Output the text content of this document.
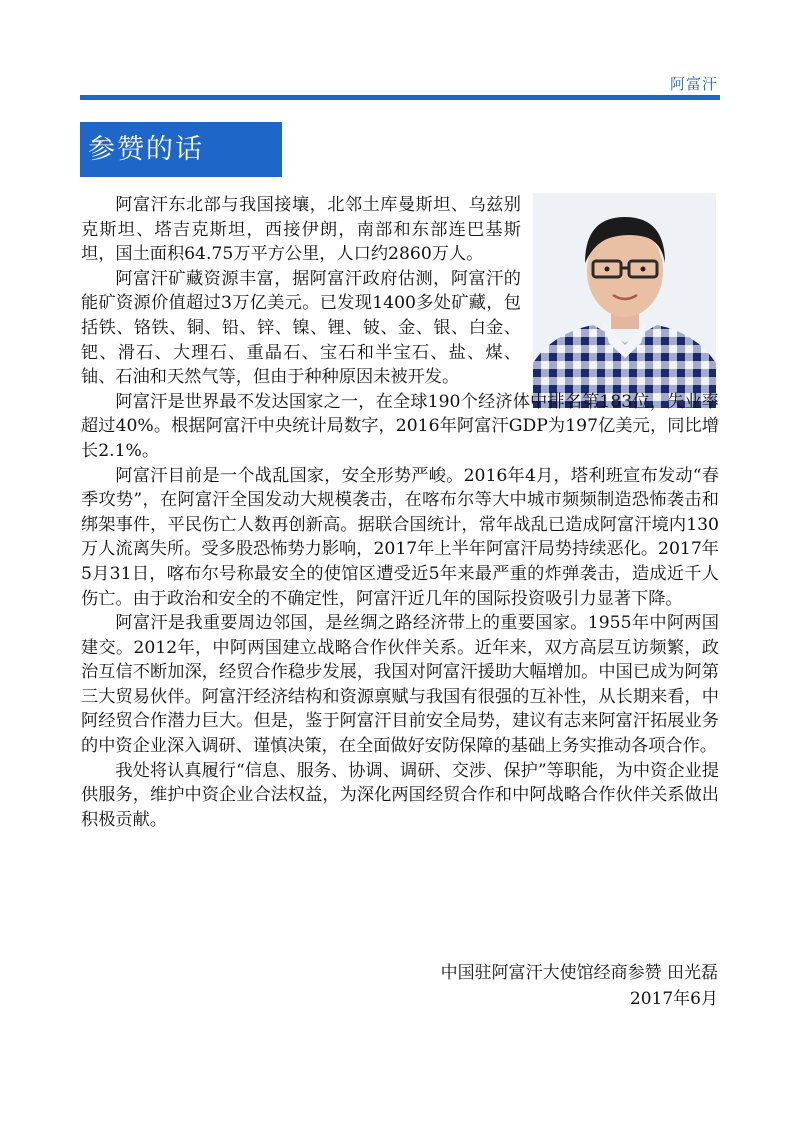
阿富汗
参赞的话

阿富汗东北部与我国接壤，北邻土库曼斯坦、乌兹别克斯坦、塔吉克斯坦，西接伊朗，南部和东部连巴基斯坦，国土面积64.75万平方公里，人口约2860万人。

阿富汗矿藏资源丰富，据阿富汗政府估测，阿富汗的能矿资源价值超过3万亿美元。已发现1400多处矿藏，包括铁、铬铁、铜、铅、锌、镍、锂、铍、金、银、白金、钯、滑石、大理石、重晶石、宝石和半宝石、盐、煤、铀、石油和天然气等，但由于种种原因未被开发。

阿富汗是世界最不发达国家之一，在全球190个经济体中排名第183位，失业率超过40%。根据阿富汗中央统计局数字，2016年阿富汗GDP为197亿美元，同比增长2.1%。

阿富汗目前是一个战乱国家，安全形势严峻。2016年4月，塔利班宣布发动“春季攻势”，在阿富汗全国发动大规模袭击，在喀布尔等大中城市频频制造恐怖袭击和绑架事件，平民伤亡人数再创新高。据联合国统计，常年战乱已造成阿富汗境内130万人流离失所。受多股恐怖势力影响，2017年上半年阿富汗局势持续恶化。2017年5月31日，喀布尔号称最安全的使馆区遭受近5年来最严重的炸弹袭击，造成近千人伤亡。由于政治和安全的不确定性，阿富汗近几年的国际投资吸引力显著下降。

阿富汗是我重要周边邻国，是丝绸之路经济带上的重要国家。1955年中阿两国建交。2012年，中阿两国建立战略合作伙伴关系。近年来，双方高层互访频繁，政治互信不断加深，经贸合作稳步发展，我国对阿富汗援助大幅增加。中国已成为阿第三大贸易伙伴。阿富汗经济结构和资源禀赋与我国有很强的互补性，从长期来看，中阿经贸合作潜力巨大。但是，鉴于阿富汗目前安全局势，建议有志来阿富汗拓展业务的中资企业深入调研、谨慎决策，在全面做好安防保障的基础上务实推动各项合作。

我处将认真履行“信息、服务、协调、调研、交涉、保护”等职能，为中资企业提供服务，维护中资企业合法权益，为深化两国经贸合作和中阿战略合作伙伴关系做出积极贡献。

中国驻阿富汗大使馆经商参赞 田光磊
2017年6月
